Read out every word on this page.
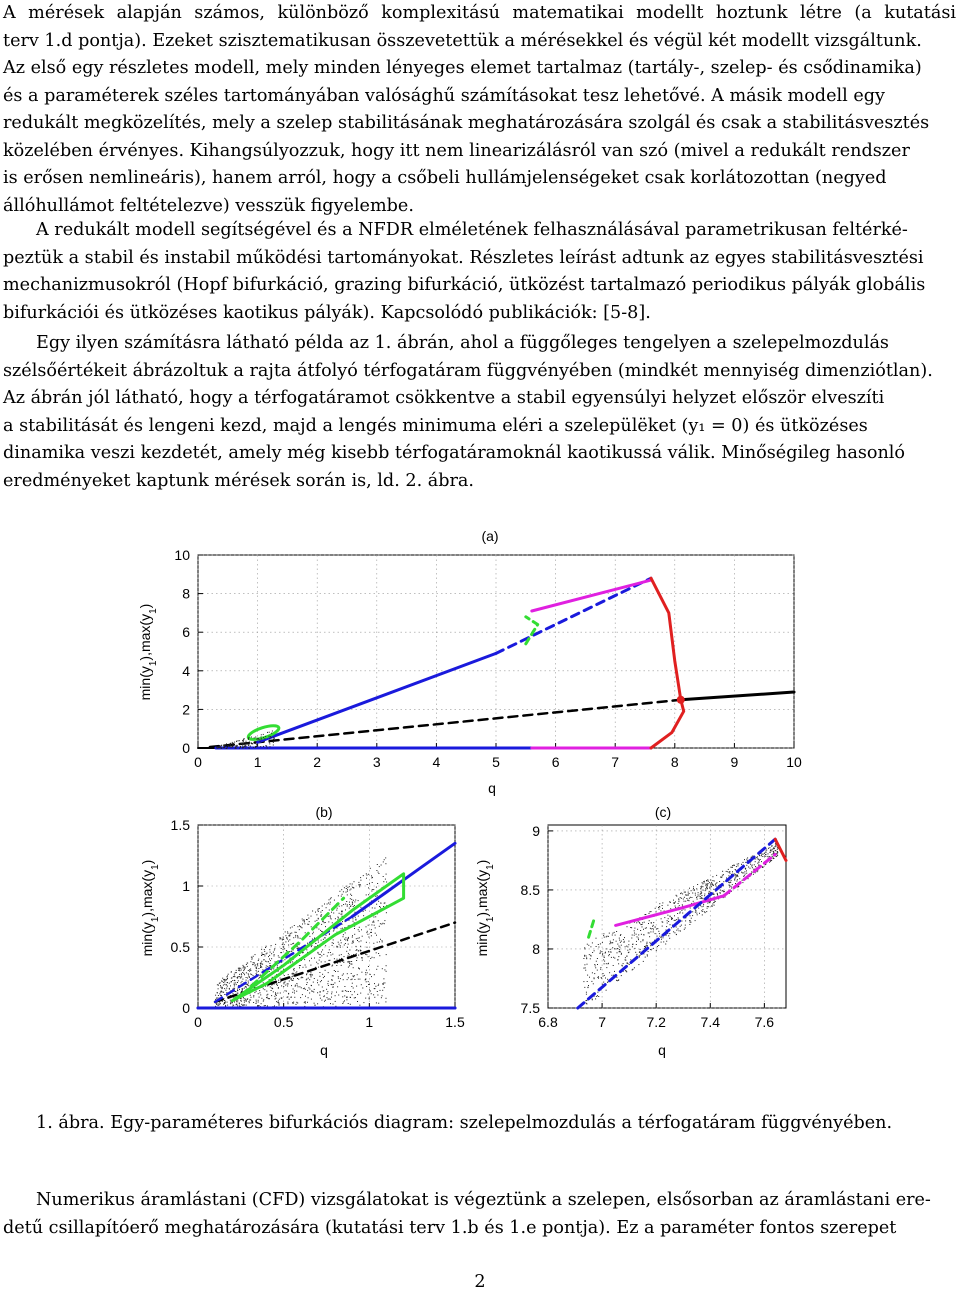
A mérések alapján számos, különböző komplexitású matematikai modellt hoztunk létre (a kutatási
terv 1.d pontja). Ezeket szisztematikusan összevetettük a mérésekkel és végül két modellt vizsgáltunk.
Az első egy részletes modell, mely minden lényeges elemet tartalmaz (tartály-, szelep- és csődinamika)
és a paraméterek széles tartományában valósághű számításokat tesz lehetővé. A másik modell egy
redukált megközelítés, mely a szelep stabilitásának meghatározására szolgál és csak a stabilitásvesztés
közelében érvényes. Kihangsúlyozzuk, hogy itt nem linearizálásról van szó (mivel a redukált rendszer
is erősen nemlineáris), hanem arról, hogy a csőbeli hullámjelenségeket csak korlátozottan (negyed
állóhullámot feltételezve) vesszük figyelembe.
A redukált modell segítségével és a NFDR elméletének felhasználásával parametrikusan feltérké-
peztük a stabil és instabil működési tartományokat. Részletes leírást adtunk az egyes stabilitásvesztési
mechanizmusokról (Hopf bifurkáció, grazing bifurkáció, ütközést tartalmazó periodikus pályák globális
bifurkációi és ütközéses kaotikus pályák). Kapcsolódó publikációk: [5-8].
Egy ilyen számításra látható példa az 1. ábrán, ahol a függőleges tengelyen a szelepelmozdulás
szélsőértékeit ábrázoltuk a rajta átfolyó térfogatáram függvényében (mindkét mennyiség dimenziótlan).
Az ábrán jól látható, hogy a térfogatáramot csökkentve a stabil egyensúlyi helyzet először elveszíti
a stabilitását és lengeni kezd, majd a lengés minimuma eléri a szelepülëket (y₁ = 0) és ütközéses
dinamika veszi kezdetét, amely még kisebb térfogatáramoknál kaotikussá válik. Minőségileg hasonló
eredményeket kaptunk mérések során is, ld. 2. ábra.
0	1	2	3	4	5	6	7	8	9	10
0
2
4
6
8
10
(a)
q
$\min(y_1),\max(y_1)$
0	0.5	1	1.5
0
0.5
1
1.5
(b)
q
$\min(y_1),\max(y_1)$
6.8	7	7.2 7.4 7.6
7.5
8
8.5
9
(c)
q
$\min(y_1),\max(y_1)$
1. ábra. Egy-paraméteres bifurkációs diagram: szelepelmozdulás a térfogatáram függvényében.
Numerikus áramlástani (CFD) vizsgálatokat is végeztünk a szelepen, elsősorban az áramlástani ere-
detű csillapítóerő meghatározására (kutatási terv 1.b és 1.e pontja). Ez a paraméter fontos szerepet
2
